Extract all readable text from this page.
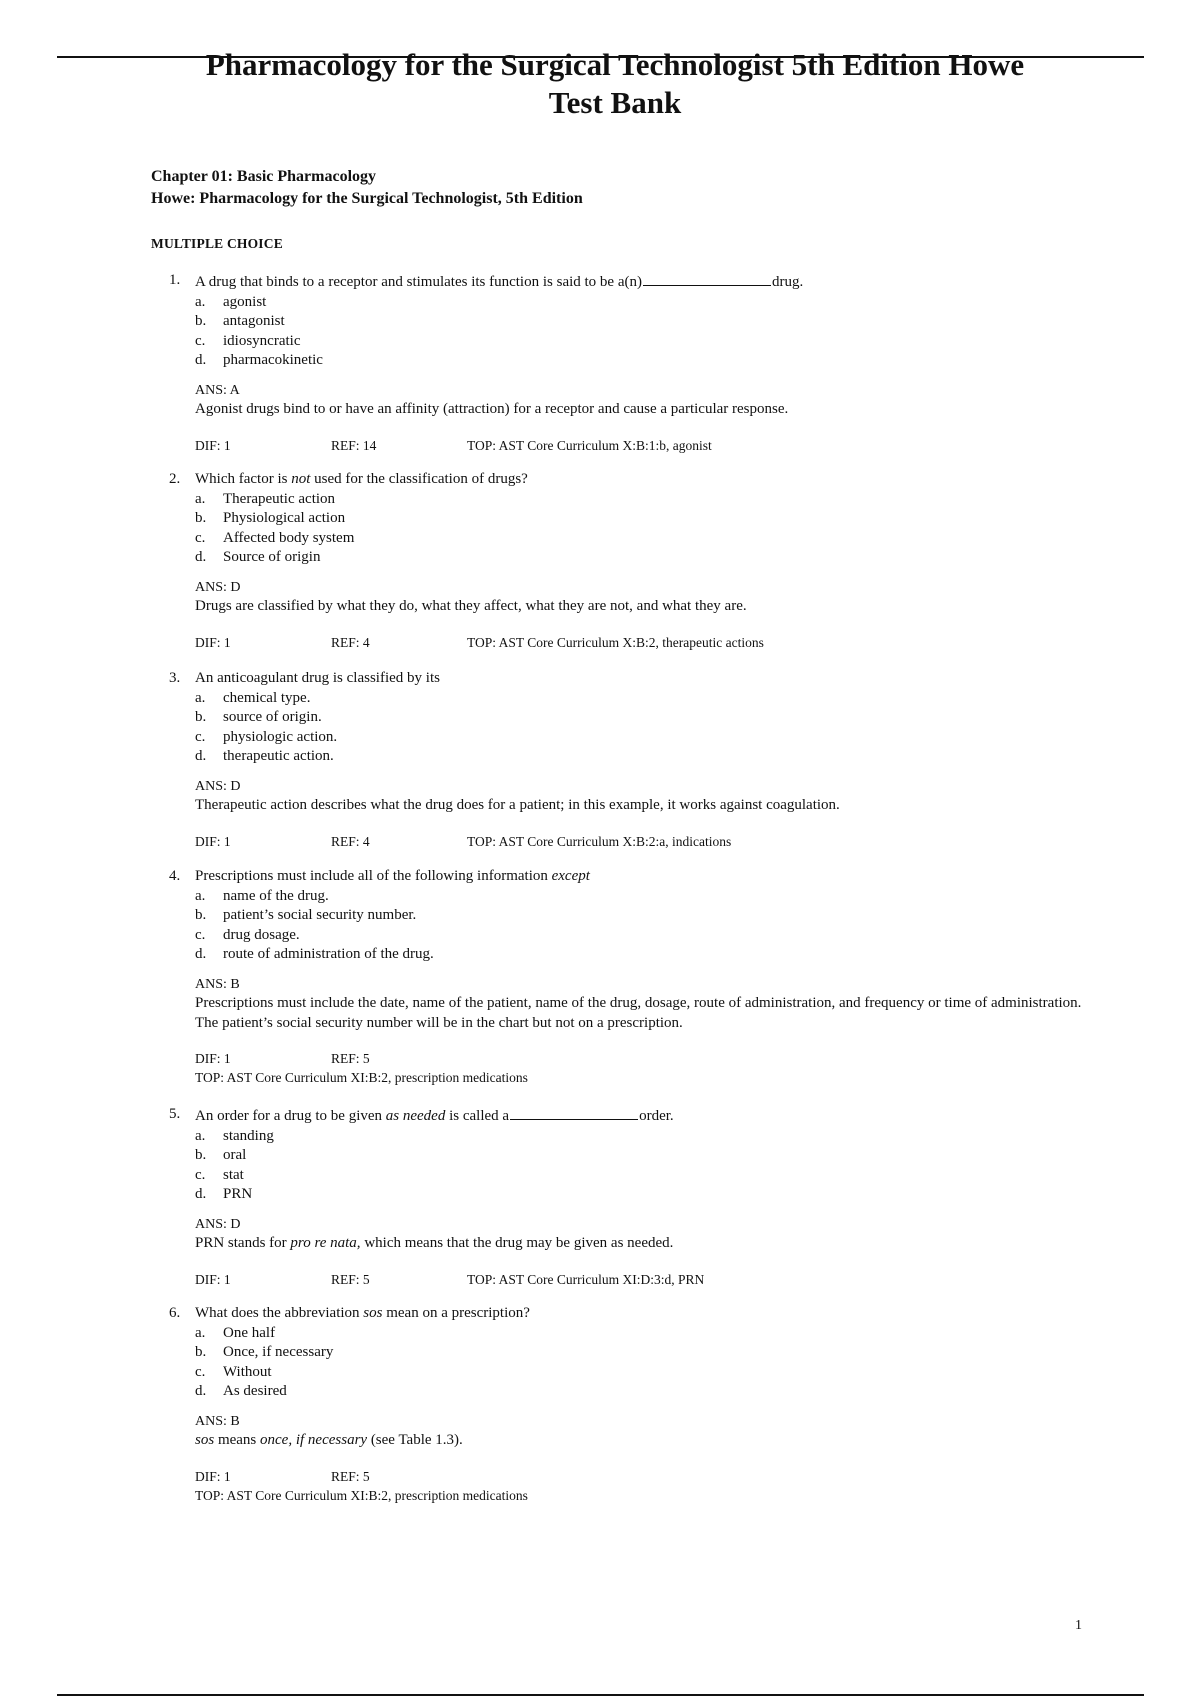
Pharmacology for the Surgical Technologist 5th Edition Howe
Test Bank
Chapter 01: Basic Pharmacology
Howe: Pharmacology for the Surgical Technologist, 5th Edition
MULTIPLE CHOICE
1. A drug that binds to a receptor and stimulates its function is said to be a(n)	drug.
a. agonist
b. antagonist
c. idiosyncratic
d. pharmacokinetic
ANS: A
Agonist drugs bind to or have an affinity (attraction) for a receptor and cause a particular response.
DIF: 1	REF: 14	TOP: AST Core Curriculum X:B:1:b, agonist
2. Which factor is not used for the classification of drugs?
a. Therapeutic action
b. Physiological action
c. Affected body system
d. Source of origin
ANS: D
Drugs are classified by what they do, what they affect, what they are not, and what they are.
DIF: 1	REF: 4	TOP: AST Core Curriculum X:B:2, therapeutic actions
3. An anticoagulant drug is classified by its
a. chemical type.
b. source of origin.
c. physiologic action.
d. therapeutic action.
ANS: D
Therapeutic action describes what the drug does for a patient; in this example, it works against coagulation.
DIF: 1	REF: 4	TOP: AST Core Curriculum X:B:2:a, indications
4. Prescriptions must include all of the following information except
a. name of the drug.
b. patient’s social security number.
c. drug dosage.
d. route of administration of the drug.
ANS: B
Prescriptions must include the date, name of the patient, name of the drug, dosage, route of administration, and frequency or time of administration. The patient’s social security number will be in the chart but not on a prescription.
DIF: 1	REF: 5
TOP: AST Core Curriculum XI:B:2, prescription medications
5. An order for a drug to be given as needed is called a	order.
a. standing
b. oral
c. stat
d. PRN
ANS: D
PRN stands for pro re nata, which means that the drug may be given as needed.
DIF: 1	REF: 5	TOP: AST Core Curriculum XI:D:3:d, PRN
6. What does the abbreviation sos mean on a prescription?
a. One half
b. Once, if necessary
c. Without
d. As desired
ANS: B
sos means once, if necessary (see Table 1.3).
DIF: 1	REF: 5
TOP: AST Core Curriculum XI:B:2, prescription medications
1
